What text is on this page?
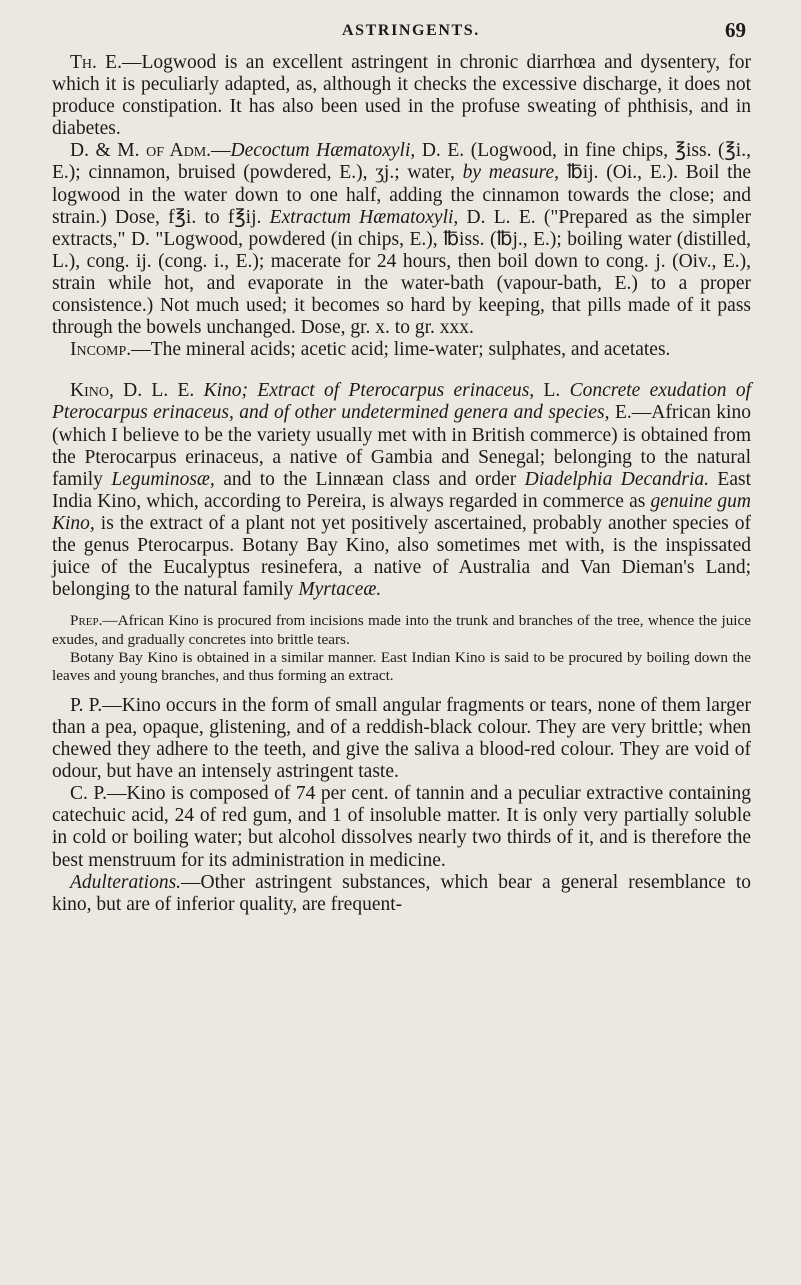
ASTRINGENTS.	69

Th. E.—Logwood is an excellent astringent in chronic diarrhœa and dysentery, for which it is peculiarly adapted, as, although it checks the excessive discharge, it does not produce constipation. It has also been used in the profuse sweating of phthisis, and in diabetes.

D. & M. of Adm.—Decoctum Hæmatoxyli, D. E. (Logwood, in fine chips, ℥iss. (℥i., E.); cinnamon, bruised (powdered, E.), ʒj.; water, by measure, ℔ij. (Oi., E.). Boil the logwood in the water down to one half, adding the cinnamon towards the close; and strain.) Dose, f℥i. to f℥ij. Extractum Hæmatoxyli, D. L. E. ("Prepared as the simpler extracts," D. "Logwood, powdered (in chips, E.), ℔iss. (℔j., E.); boiling water (distilled, L.), cong. ij. (cong. i., E.); macerate for 24 hours, then boil down to cong. j. (Oiv., E.), strain while hot, and evaporate in the water-bath (vapour-bath, E.) to a proper consistence.) Not much used; it becomes so hard by keeping, that pills made of it pass through the bowels unchanged. Dose, gr. x. to gr. xxx.

Incomp.—The mineral acids; acetic acid; lime-water; sulphates, and acetates.

Kino, D. L. E. Kino; Extract of Pterocarpus erinaceus, L. Concrete exudation of Pterocarpus erinaceus, and of other undetermined genera and species, E.—African kino (which I believe to be the variety usually met with in British commerce) is obtained from the Pterocarpus erinaceus, a native of Gambia and Senegal; belonging to the natural family Leguminosæ, and to the Linnæan class and order Diadelphia Decandria. East India Kino, which, according to Pereira, is always regarded in commerce as genuine gum Kino, is the extract of a plant not yet positively ascertained, probably another species of the genus Pterocarpus. Botany Bay Kino, also sometimes met with, is the inspissated juice of the Eucalyptus resinefera, a native of Australia and Van Dieman's Land; belonging to the natural family Myrtaceæ.

Prep.—African Kino is procured from incisions made into the trunk and branches of the tree, whence the juice exudes, and gradually concretes into brittle tears.

Botany Bay Kino is obtained in a similar manner. East Indian Kino is said to be procured by boiling down the leaves and young branches, and thus forming an extract.

P. P.—Kino occurs in the form of small angular fragments or tears, none of them larger than a pea, opaque, glistening, and of a reddish-black colour. They are very brittle; when chewed they adhere to the teeth, and give the saliva a blood-red colour. They are void of odour, but have an intensely astringent taste.

C. P.—Kino is composed of 74 per cent. of tannin and a peculiar extractive containing catechuic acid, 24 of red gum, and 1 of insoluble matter. It is only very partially soluble in cold or boiling water; but alcohol dissolves nearly two thirds of it, and is therefore the best menstruum for its administration in medicine.

Adulterations.—Other astringent substances, which bear a general resemblance to kino, but are of inferior quality, are frequent-
